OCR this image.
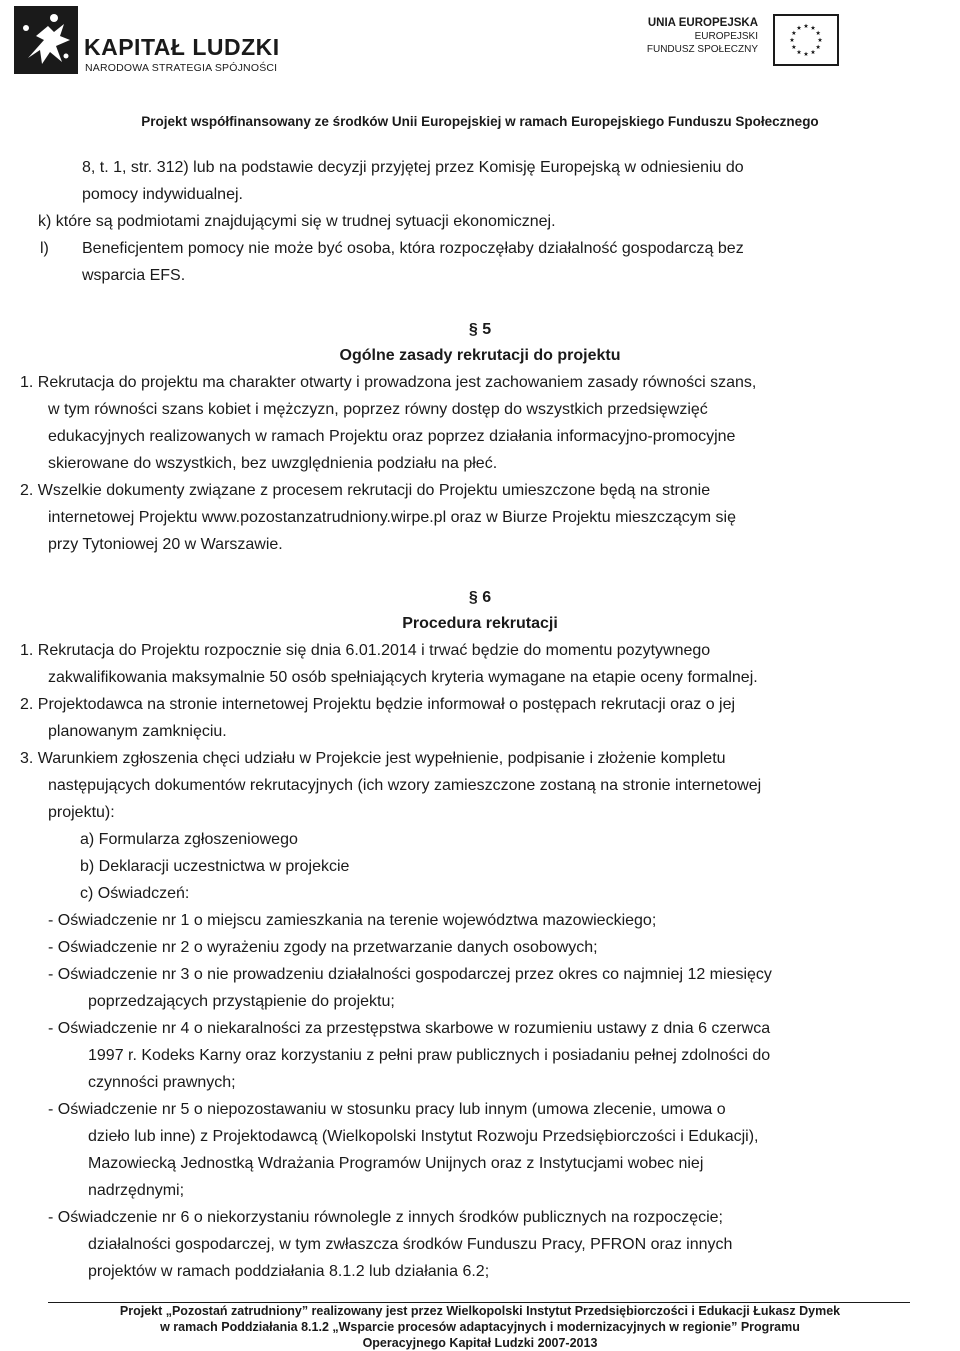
KAPITAŁ LUDZKI
NARODOWA STRATEGIA SPÓJNOŚCI
UNIA EUROPEJSKA
EUROPEJSKI
FUNDUSZ SPOŁECZNY
Projekt współfinansowany ze środków Unii Europejskiej w ramach Europejskiego Funduszu Społecznego
8, t. 1, str. 312) lub na podstawie decyzji przyjętej przez Komisję Europejską w odniesieniu do
pomocy indywidualnej.
k) które są podmiotami znajdującymi się w trudnej sytuacji ekonomicznej.
l) Beneficjentem pomocy nie może być osoba, która rozpoczęłaby działalność gospodarczą bez
wsparcia EFS.
§ 5
Ogólne zasady rekrutacji do projektu
1. Rekrutacja do projektu ma charakter otwarty i prowadzona jest zachowaniem zasady równości szans,
w tym równości szans kobiet i mężczyzn, poprzez równy dostęp do wszystkich przedsięwzięć
edukacyjnych realizowanych w ramach Projektu oraz poprzez działania informacyjno-promocyjne
skierowane do wszystkich, bez uwzględnienia podziału na płeć.
2. Wszelkie dokumenty związane z procesem rekrutacji do Projektu umieszczone będą na stronie
internetowej Projektu www.pozostanzatrudniony.wirpe.pl oraz w Biurze Projektu mieszczącym się
przy Tytoniowej 20 w Warszawie.
§ 6
Procedura rekrutacji
1. Rekrutacja do Projektu rozpocznie się dnia 6.01.2014 i trwać będzie do momentu pozytywnego
zakwalifikowania maksymalnie 50 osób spełniających kryteria wymagane na etapie oceny formalnej.
2. Projektodawca na stronie internetowej Projektu będzie informował o postępach rekrutacji oraz o jej
planowanym zamknięciu.
3. Warunkiem zgłoszenia chęci udziału w Projekcie jest wypełnienie, podpisanie i złożenie kompletu
następujących dokumentów rekrutacyjnych (ich wzory zamieszczone zostaną na stronie internetowej
projektu):
a) Formularza zgłoszeniowego
b) Deklaracji uczestnictwa w projekcie
c) Oświadczeń:
- Oświadczenie nr 1 o miejscu zamieszkania na terenie województwa mazowieckiego;
- Oświadczenie nr 2 o wyrażeniu zgody na przetwarzanie danych osobowych;
- Oświadczenie nr 3 o nie prowadzeniu działalności gospodarczej przez okres co najmniej 12 miesięcy
poprzedzających przystąpienie do projektu;
- Oświadczenie nr 4 o niekaralności za przestępstwa skarbowe w rozumieniu ustawy z dnia 6 czerwca
1997 r. Kodeks Karny oraz korzystaniu z pełni praw publicznych i posiadaniu pełnej zdolności do
czynności prawnych;
- Oświadczenie nr 5 o niepozostawaniu w stosunku pracy lub innym (umowa zlecenie, umowa o
dzieło lub inne) z Projektodawcą (Wielkopolski Instytut Rozwoju Przedsiębiorczości i Edukacji),
Mazowiecką Jednostką Wdrażania Programów Unijnych oraz z Instytucjami wobec niej
nadrzędnymi;
- Oświadczenie nr 6 o niekorzystaniu równolegle z innych środków publicznych na rozpoczęcie;
działalności gospodarczej, w tym zwłaszcza środków Funduszu Pracy, PFRON oraz innych
projektów w ramach poddziałania 8.1.2 lub działania 6.2;
Projekt „Pozostań zatrudniony” realizowany jest przez Wielkopolski Instytut Przedsiębiorczości i Edukacji Łukasz Dymek
w ramach Poddziałania 8.1.2 „Wsparcie procesów adaptacyjnych i modernizacyjnych w regionie” Programu
Operacyjnego Kapitał Ludzki 2007-2013
